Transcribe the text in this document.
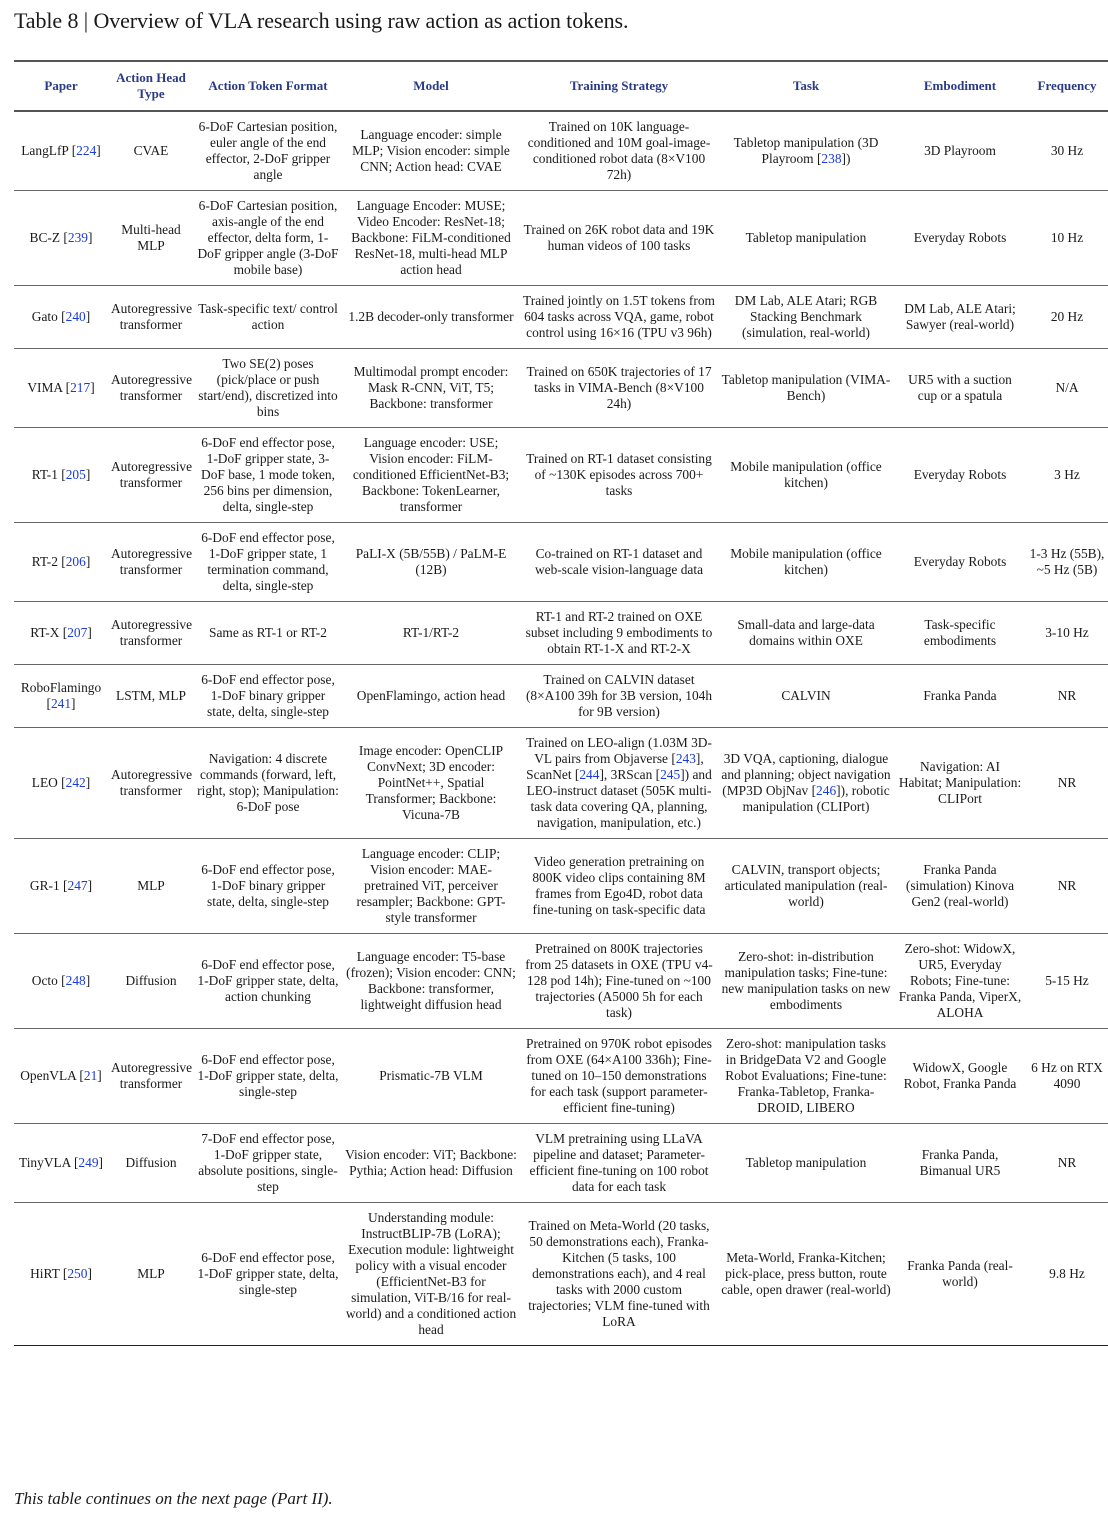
Table 8 | Overview of VLA research using raw action as action tokens.
Paper	Action Head Type	Action Token Format	Model	Training Strategy	Task	Embodiment	Frequency
LangLfP [224]	CVAE	6-DoF Cartesian position, euler angle of the end effector, 2-DoF gripper angle	Language encoder: simple MLP; Vision encoder: simple CNN; Action head: CVAE	Trained on 10K language-conditioned and 10M goal-image-conditioned robot data (8×V100 72h)	Tabletop manipulation (3D Playroom [238])	3D Playroom	30 Hz
BC-Z [239]	Multi-head MLP	6-DoF Cartesian position, axis-angle of the end effector, delta form, 1-DoF gripper angle (3-DoF mobile base)	Language Encoder: MUSE; Video Encoder: ResNet-18; Backbone: FiLM-conditioned ResNet-18, multi-head MLP action head	Trained on 26K robot data and 19K human videos of 100 tasks	Tabletop manipulation	Everyday Robots	10 Hz
Gato [240]	Autoregressive transformer	Task-specific text/ control action	1.2B decoder-only transformer	Trained jointly on 1.5T tokens from 604 tasks across VQA, game, robot control using 16×16 (TPU v3 96h)	DM Lab, ALE Atari; RGB Stacking Benchmark (simulation, real-world)	DM Lab, ALE Atari; Sawyer (real-world)	20 Hz
VIMA [217]	Autoregressive transformer	Two SE(2) poses (pick/place or push start/end), discretized into bins	Multimodal prompt encoder: Mask R-CNN, ViT, T5; Backbone: transformer	Trained on 650K trajectories of 17 tasks in VIMA-Bench (8×V100 24h)	Tabletop manipulation (VIMA-Bench)	UR5 with a suction cup or a spatula	N/A
RT-1 [205]	Autoregressive transformer	6-DoF end effector pose, 1-DoF gripper state, 3-DoF base, 1 mode token, 256 bins per dimension, delta, single-step	Language encoder: USE; Vision encoder: FiLM-conditioned EfficientNet-B3; Backbone: TokenLearner, transformer	Trained on RT-1 dataset consisting of ~130K episodes across 700+ tasks	Mobile manipulation (office kitchen)	Everyday Robots	3 Hz
RT-2 [206]	Autoregressive transformer	6-DoF end effector pose, 1-DoF gripper state, 1 termination command, delta, single-step	PaLI-X (5B/55B) / PaLM-E (12B)	Co-trained on RT-1 dataset and web-scale vision-language data	Mobile manipulation (office kitchen)	Everyday Robots	1-3 Hz (55B), ~5 Hz (5B)
RT-X [207]	Autoregressive transformer	Same as RT-1 or RT-2	RT-1/RT-2	RT-1 and RT-2 trained on OXE subset including 9 embodiments to obtain RT-1-X and RT-2-X	Small-data and large-data domains within OXE	Task-specific embodiments	3-10 Hz
RoboFlamingo [241]	LSTM, MLP	6-DoF end effector pose, 1-DoF binary gripper state, delta, single-step	OpenFlamingo, action head	Trained on CALVIN dataset (8×A100 39h for 3B version, 104h for 9B version)	CALVIN	Franka Panda	NR
LEO [242]	Autoregressive transformer	Navigation: 4 discrete commands (forward, left, right, stop); Manipulation: 6-DoF pose	Image encoder: OpenCLIP ConvNext; 3D encoder: PointNet++, Spatial Transformer; Backbone: Vicuna-7B	Trained on LEO-align (1.03M 3D-VL pairs from Objaverse [243], ScanNet [244], 3RScan [245]) and LEO-instruct dataset (505K multi-task data covering QA, planning, navigation, manipulation, etc.)	3D VQA, captioning, dialogue and planning; object navigation (MP3D ObjNav [246]), robotic manipulation (CLIPort)	Navigation: AI Habitat; Manipulation: CLIPort	NR
GR-1 [247]	MLP	6-DoF end effector pose, 1-DoF binary gripper state, delta, single-step	Language encoder: CLIP; Vision encoder: MAE-pretrained ViT, perceiver resampler; Backbone: GPT-style transformer	Video generation pretraining on 800K video clips containing 8M frames from Ego4D, robot data fine-tuning on task-specific data	CALVIN, transport objects; articulated manipulation (real-world)	Franka Panda (simulation) Kinova Gen2 (real-world)	NR
Octo [248]	Diffusion	6-DoF end effector pose, 1-DoF gripper state, delta, action chunking	Language encoder: T5-base (frozen); Vision encoder: CNN; Backbone: transformer, lightweight diffusion head	Pretrained on 800K trajectories from 25 datasets in OXE (TPU v4-128 pod 14h); Fine-tuned on ~100 trajectories (A5000 5h for each task)	Zero-shot: in-distribution manipulation tasks; Fine-tune: new manipulation tasks on new embodiments	Zero-shot: WidowX, UR5, Everyday Robots; Fine-tune: Franka Panda, ViperX, ALOHA	5-15 Hz
OpenVLA [21]	Autoregressive transformer	6-DoF end effector pose, 1-DoF gripper state, delta, single-step	Prismatic-7B VLM	Pretrained on 970K robot episodes from OXE (64×A100 336h); Fine-tuned on 10–150 demonstrations for each task (support parameter-efficient fine-tuning)	Zero-shot: manipulation tasks in BridgeData V2 and Google Robot Evaluations; Fine-tune: Franka-Tabletop, Franka-DROID, LIBERO	WidowX, Google Robot, Franka Panda	6 Hz on RTX 4090
TinyVLA [249]	Diffusion	7-DoF end effector pose, 1-DoF gripper state, absolute positions, single-step	Vision encoder: ViT; Backbone: Pythia; Action head: Diffusion	VLM pretraining using LLaVA pipeline and dataset; Parameter-efficient fine-tuning on 100 robot data for each task	Tabletop manipulation	Franka Panda, Bimanual UR5	NR
HiRT [250]	MLP	6-DoF end effector pose, 1-DoF gripper state, delta, single-step	Understanding module: InstructBLIP-7B (LoRA); Execution module: lightweight policy with a visual encoder (EfficientNet-B3 for simulation, ViT-B/16 for real-world) and a conditioned action head	Trained on Meta-World (20 tasks, 50 demonstrations each), Franka-Kitchen (5 tasks, 100 demonstrations each), and 4 real tasks with 2000 custom trajectories; VLM fine-tuned with LoRA	Meta-World, Franka-Kitchen; pick-place, press button, route cable, open drawer (real-world)	Franka Panda (real-world)	9.8 Hz
This table continues on the next page (Part II).
